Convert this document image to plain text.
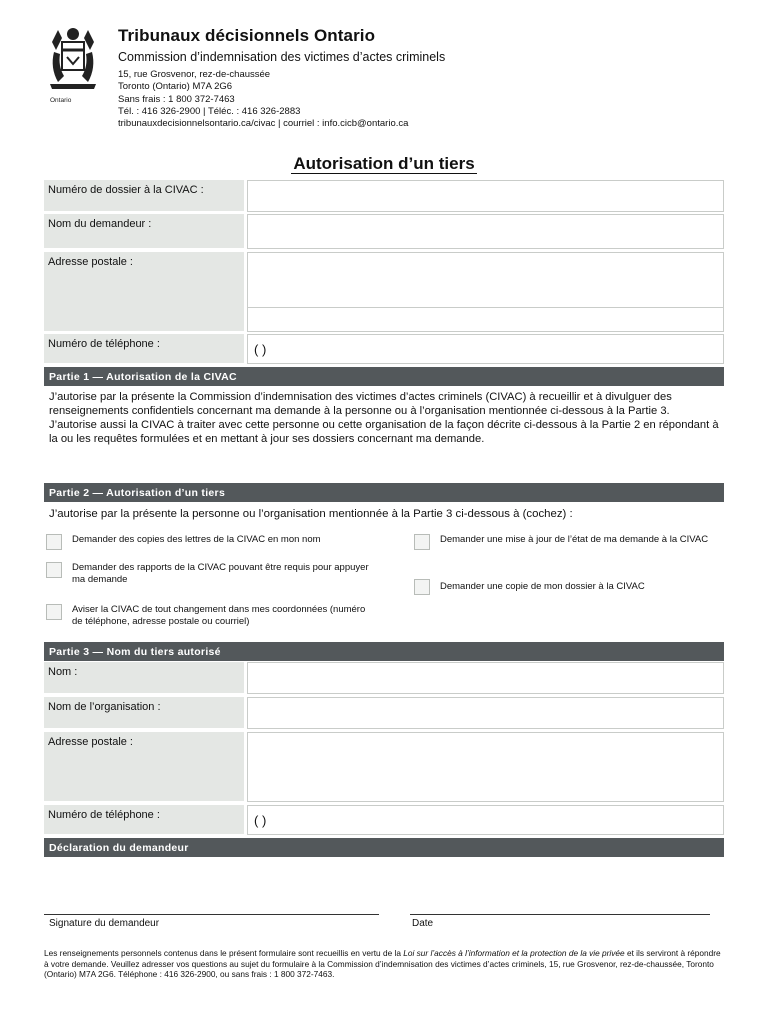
Ontario
Tribunaux décisionnels Ontario
Commission d’indemnisation des victimes d’actes criminels
15, rue Grosvenor, rez-de-chaussée
Toronto (Ontario) M7A 2G6
Sans frais : 1 800 372-7463
Tél. : 416 326-2900 | Téléc. : 416 326-2883
tribunauxdecisionnelsontario.ca/civac | courriel : info.cicb@ontario.ca
Autorisation d’un tiers
Numéro de dossier à la CIVAC :
Nom du demandeur :
Adresse postale :
Numéro de téléphone :	( )
Partie 1 — Autorisation de la CIVAC
J’autorise par la présente la Commission d’indemnisation des victimes d’actes criminels (CIVAC) à recueillir et à divulguer des renseignements confidentiels concernant ma demande à la personne ou à l’organisation mentionnée ci-dessous à la Partie 3. J’autorise aussi la CIVAC à traiter avec cette personne ou cette organisation de la façon décrite ci-dessous à la Partie 2 en répondant à la ou les requêtes formulées et en mettant à jour ses dossiers concernant ma demande.
Partie 2 — Autorisation d’un tiers
J’autorise par la présente la personne ou l’organisation mentionnée à la Partie 3 ci-dessous à (cochez) :
Demander des copies des lettres de la CIVAC en mon nom
Demander des rapports de la CIVAC pouvant être requis pour appuyer ma demande
Aviser la CIVAC de tout changement dans mes coordonnées (numéro de téléphone, adresse postale ou courriel)
Demander une mise à jour de l’état de ma demande à la CIVAC
Demander une copie de mon dossier à la CIVAC
Partie 3 — Nom du tiers autorisé
Nom :
Nom de l’organisation :
Adresse postale :
Numéro de téléphone :	( )
Déclaration du demandeur
Signature du demandeur	Date
Les renseignements personnels contenus dans le présent formulaire sont recueillis en vertu de la Loi sur l’accès à l’information et la protection de la vie privée et ils serviront à répondre à votre demande. Veuillez adresser vos questions au sujet du formulaire à la Commission d’indemnisation des victimes d’actes criminels, 15, rue Grosvenor, rez-de-chaussée, Toronto (Ontario) M7A 2G6. Téléphone : 416 326-2900, ou sans frais : 1 800 372-7463.
